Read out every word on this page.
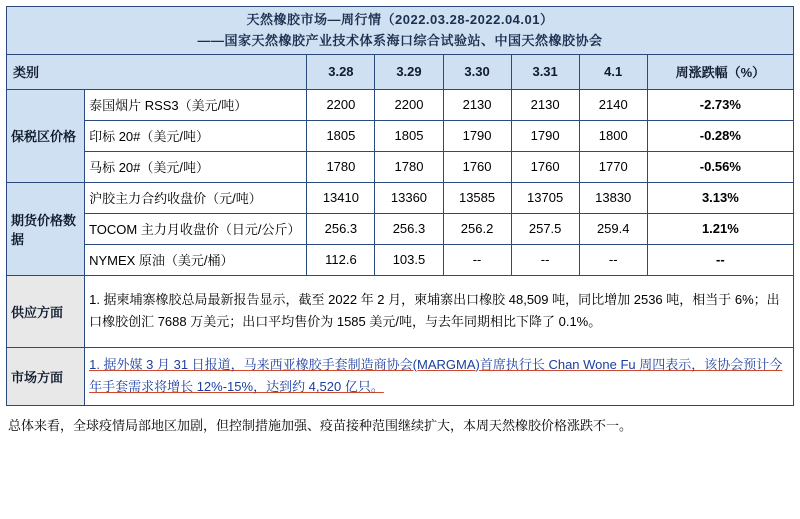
天然橡胶市场—周行情（2022.03.28-2022.04.01）
——国家天然橡胶产业技术体系海口综合试验站、中国天然橡胶协会							

类别		3.28	3.29	3.30	3.31	4.1	周涨跌幅（%）
保税区价格	泰国烟片 RSS3（美元/吨）	2200	2200	2130	2130	2140	-2.73%
	印标 20#（美元/吨）	1805	1805	1790	1790	1800	-0.28%
	马标 20#（美元/吨）	1780	1780	1760	1760	1770	-0.56%
期货价格数据	沪胶主力合约收盘价（元/吨）	13410	13360	13585	13705	13830	3.13%
	TOCOM 主力月收盘价（日元/公斤）	256.3	256.3	256.2	257.5	259.4	1.21%
	NYMEX 原油（美元/桶）	112.6	103.5	--	--	--	--
供应方面	1. 据柬埔寨橡胶总局最新报告显示，截至 2022 年 2 月，柬埔寨出口橡胶 48,509 吨，同比增加 2536 吨，相当于 6%；出口橡胶创汇 7688 万美元；出口平均售价为 1585 美元/吨，与去年同期相比下降了 0.1%。						
市场方面	1. 据外媒 3 月 31 日报道，马来西亚橡胶手套制造商协会(MARGMA)首席执行长 Chan Wone Fu 周四表示，该协会预计今年手套需求将增长 12%-15%，达到约 4,520 亿只。						
总体来看，全球疫情局部地区加剧，但控制措施加强、疫苗接种范围继续扩大，本周天然橡胶价格涨跌不一。
